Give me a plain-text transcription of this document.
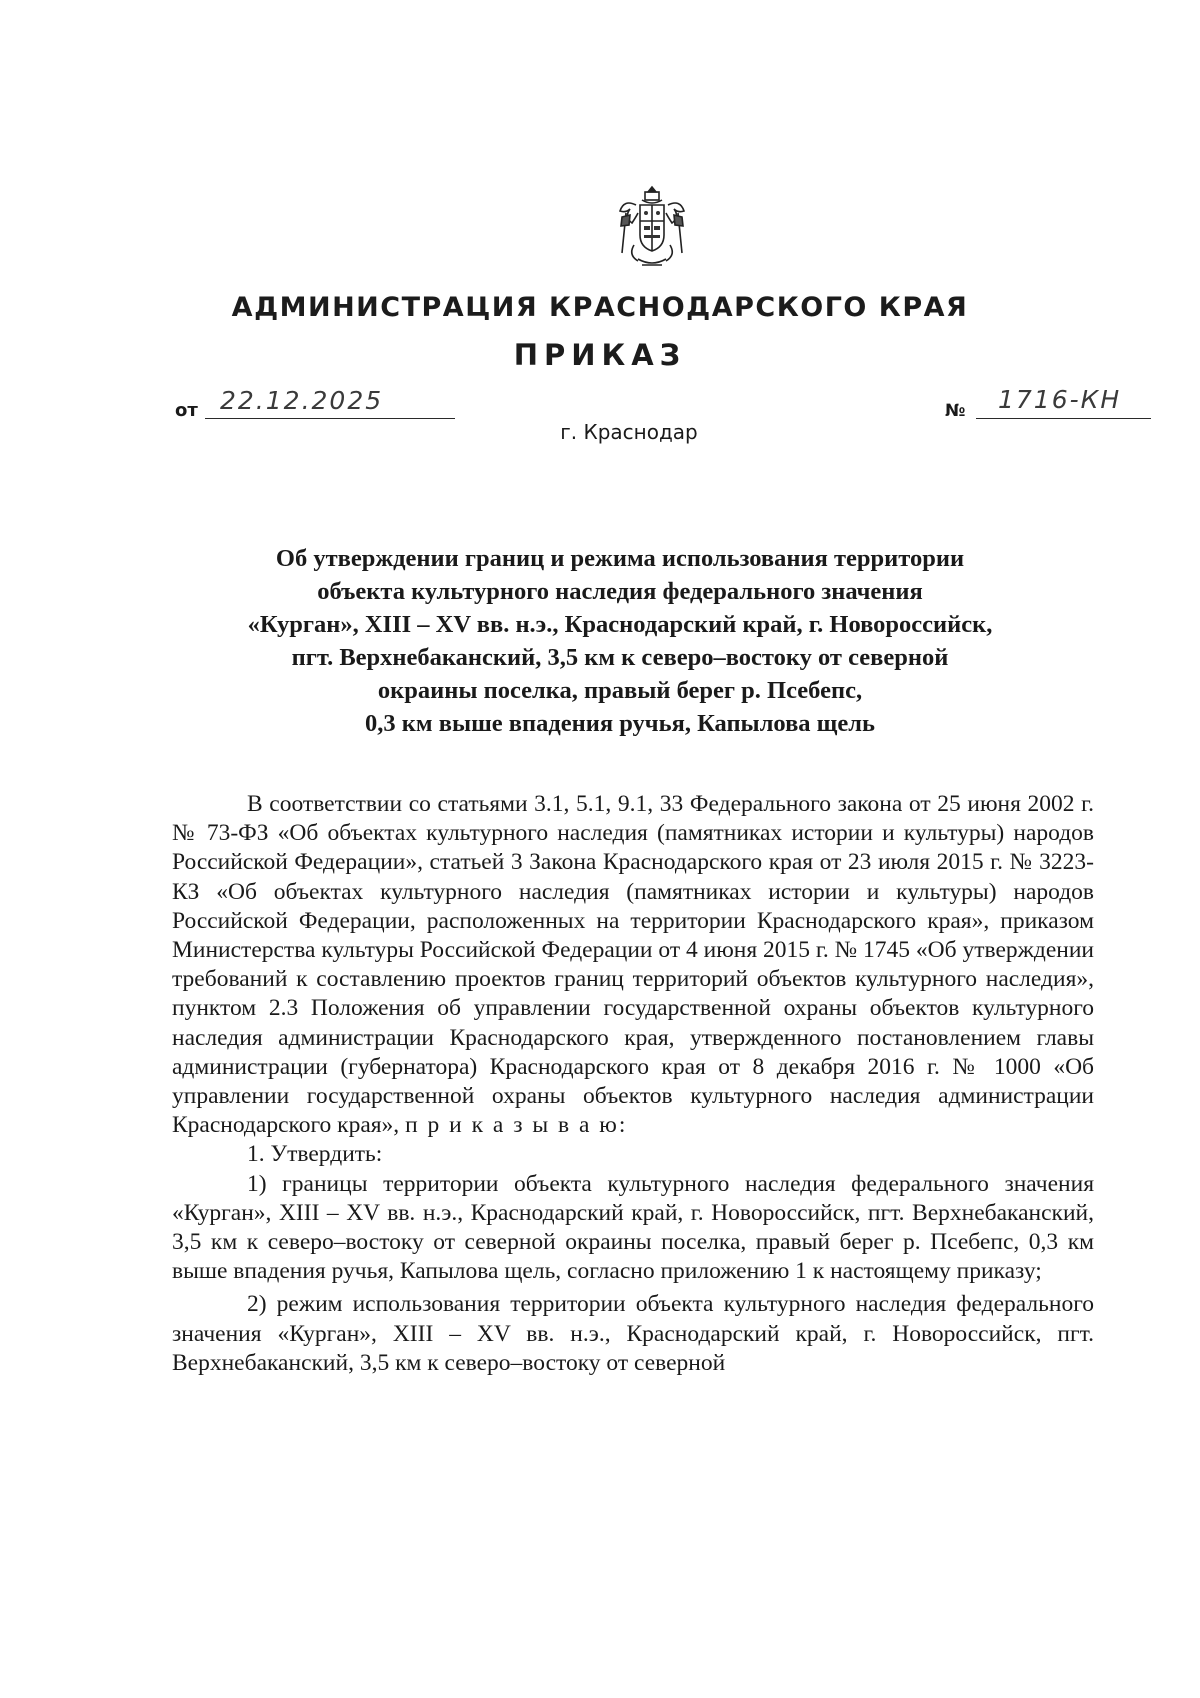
АДМИНИСТРАЦИЯ КРАСНОДАРСКОГО КРАЯ
ПРИКАЗ
от 22.12.2025	№ 1716-КН
г. Краснодар
Об утверждении границ и режима использования территории
объекта культурного наследия федерального значения
«Курган», XIII – XV вв. н.э., Краснодарский край, г. Новороссийск,
пгт. Верхнебаканский, 3,5 км к северо–востоку от северной
окраины поселка, правый берег р. Псебепс,
0,3 км выше впадения ручья, Капылова щель

В соответствии со статьями 3.1, 5.1, 9.1, 33 Федерального закона от 25 июня 2002 г. № 73-ФЗ «Об объектах культурного наследия (памятниках истории и культуры) народов Российской Федерации», статьей 3 Закона Краснодарского края от 23 июля 2015 г. № 3223-КЗ «Об объектах культурного наследия (памятниках истории и культуры) народов Российской Федерации, расположенных на территории Краснодарского края», приказом Министерства культуры Российской Федерации от 4 июня 2015 г. № 1745 «Об утверждении требований к составлению проектов границ территорий объектов культурного наследия», пунктом 2.3 Положения об управлении государственной охраны объектов культурного наследия администрации Краснодарского края, утвержденного постановлением главы администрации (губернатора) Краснодарского края от 8 декабря 2016 г. № 1000 «Об управлении государственной охраны объектов культурного наследия администрации Краснодарского края», п р и к а з ы в а ю:

1. Утвердить:

1) границы территории объекта культурного наследия федерального значения «Курган», XIII – XV вв. н.э., Краснодарский край, г. Новороссийск, пгт. Верхнебаканский, 3,5 км к северо–востоку от северной окраины поселка, правый берег р. Псебепс, 0,3 км выше впадения ручья, Капылова щель, согласно приложению 1 к настоящему приказу;

2) режим использования территории объекта культурного наследия федерального значения «Курган», XIII – XV вв. н.э., Краснодарский край, г. Новороссийск, пгт. Верхнебаканский, 3,5 км к северо–востоку от северной
